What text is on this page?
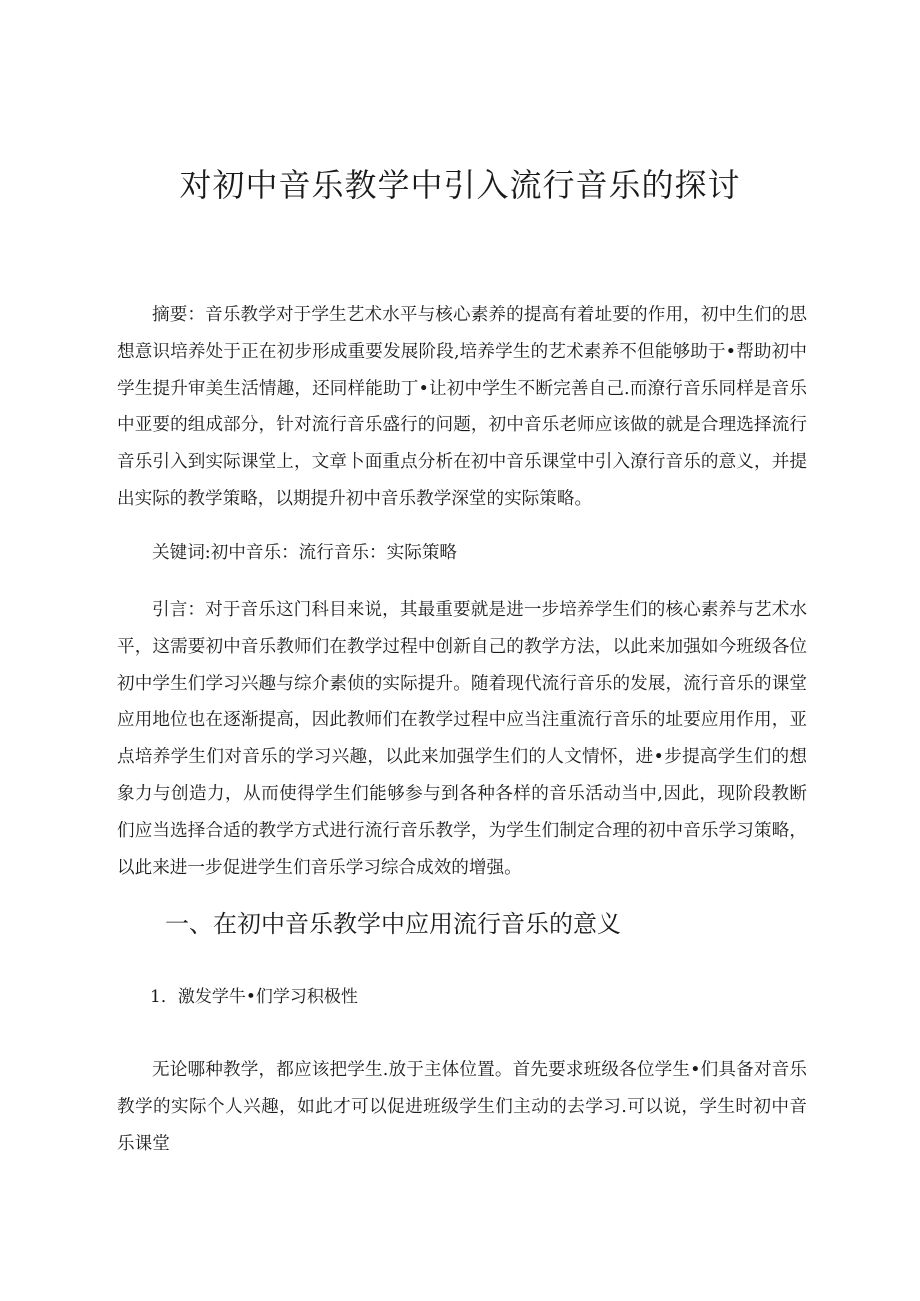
对初中音乐教学中引入流行音乐的探讨

摘要：音乐教学对于学生艺术水平与核心素养的提高有着址要的作用，初中生们的思想意识培养处于正在初步形成重要发展阶段,培养学生的艺术素养不但能够助于•帮助初中学生提升审美生活情趣，还同样能助丁•让初中学生不断完善自己.而潦行音乐同样是音乐中亚要的组成部分，针对流行音乐盛行的问题，初中音乐老师应该做的就是合理选择流行音乐引入到实际课堂上，文章卜面重点分析在初中音乐课堂中引入潦行音乐的意义，并提出实际的教学策略，以期提升初中音乐教学深堂的实际策略。

关键词:初中音乐：流行音乐：实际策略

引言：对于音乐这门科目来说，其最重要就是进一步培养学生们的核心素养与艺术水平，这需要初中音乐教师们在教学过程中创新自己的教学方法，以此来加强如今班级各位初中学生们学习兴趣与综介素侦的实际提升。随着现代流行音乐的发展，流行音乐的课堂应用地位也在逐渐提高，因此教师们在教学过程中应当注重流行音乐的址要应用作用，亚点培养学生们对音乐的学习兴趣，以此来加强学生们的人文情怀，进•步提高学生们的想象力与创造力，从而使得学生们能够参与到各种各样的音乐活动当中,因此，现阶段教断们应当选择合适的教学方式进行流行音乐教学，为学生们制定合理的初中音乐学习策略，以此来进一步促进学生们音乐学习综合成效的增强。

一、在初中音乐教学中应用流行音乐的意义
1．激发学牛•们学习积极性

无论哪种教学，都应该把学生.放于主体位置。首先要求班级各位学生•们具备对音乐教学的实际个人兴趣，如此才可以促进班级学生们主动的去学习.可以说，学生时初中音乐课堂
